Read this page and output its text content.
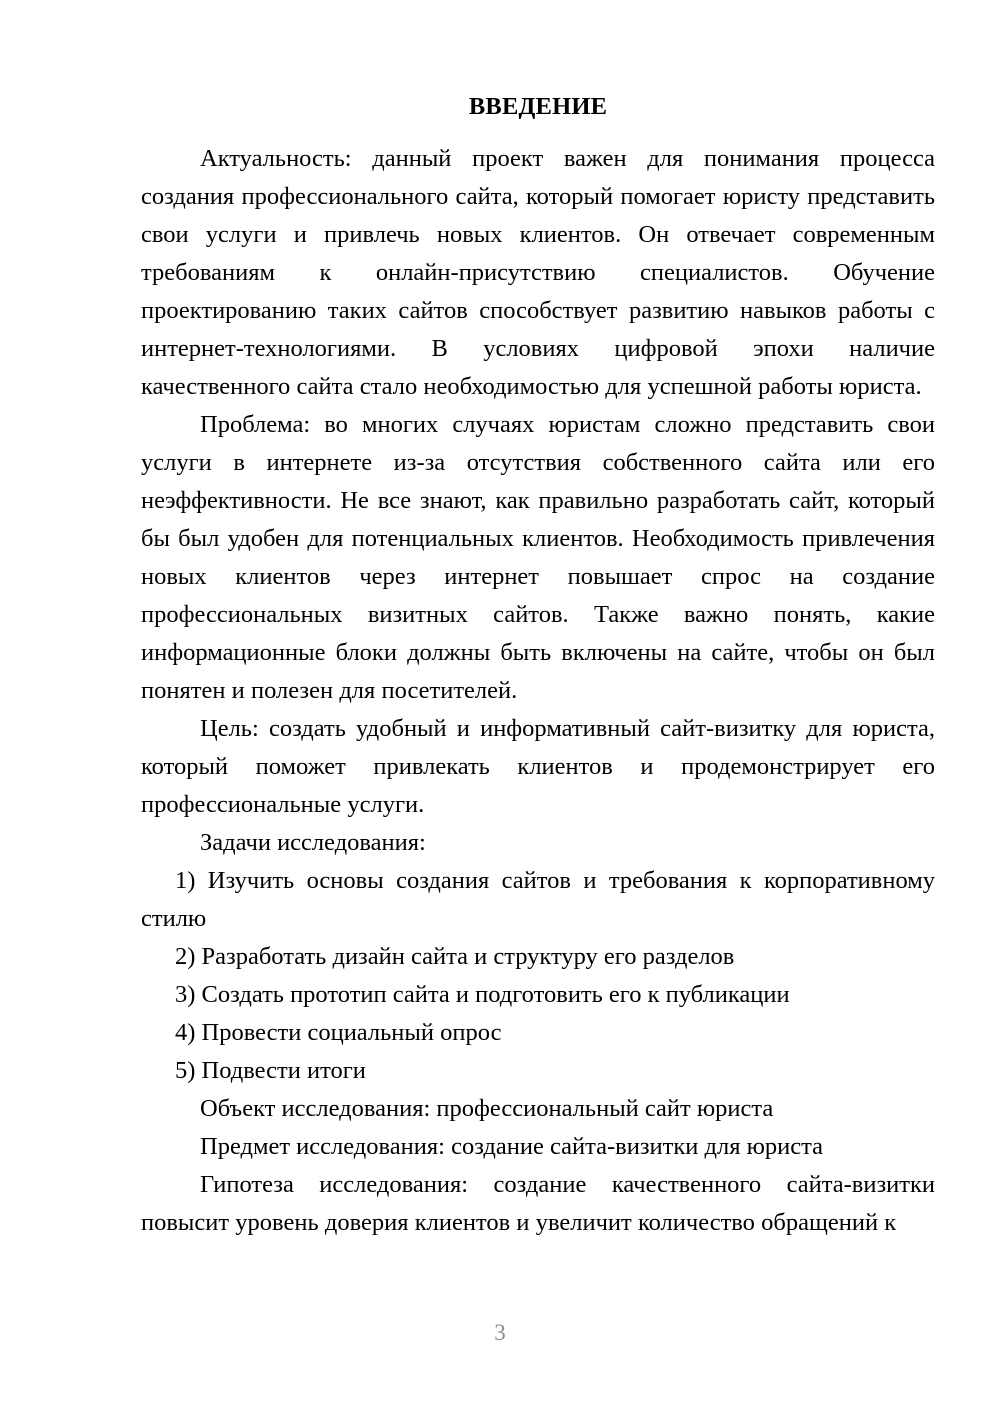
ВВЕДЕНИЕ

Актуальность: данный проект важен для понимания процесса создания профессионального сайта, который помогает юристу представить свои услуги и привлечь новых клиентов. Он отвечает современным требованиям к онлайн-присутствию специалистов. Обучение проектированию таких сайтов способствует развитию навыков работы с интернет-технологиями. В условиях цифровой эпохи наличие качественного сайта стало необходимостью для успешной работы юриста.

Проблема: во многих случаях юристам сложно представить свои услуги в интернете из-за отсутствия собственного сайта или его неэффективности. Не все знают, как правильно разработать сайт, который бы был удобен для потенциальных клиентов. Необходимость привлечения новых клиентов через интернет повышает спрос на создание профессиональных визитных сайтов. Также важно понять, какие информационные блоки должны быть включены на сайте, чтобы он был понятен и полезен для посетителей.

Цель: создать удобный и информативный сайт-визитку для юриста, который поможет привлекать клиентов и продемонстрирует его профессиональные услуги.

Задачи исследования:

1) Изучить основы создания сайтов и требования к корпоративному стилю

2) Разработать дизайн сайта и структуру его разделов

3) Создать прототип сайта и подготовить его к публикации

4) Провести социальный опрос

5) Подвести итоги

Объект исследования: профессиональный сайт юриста

Предмет исследования: создание сайта-визитки для юриста

Гипотеза исследования: создание качественного сайта-визитки повысит уровень доверия клиентов и увеличит количество обращений к

3
